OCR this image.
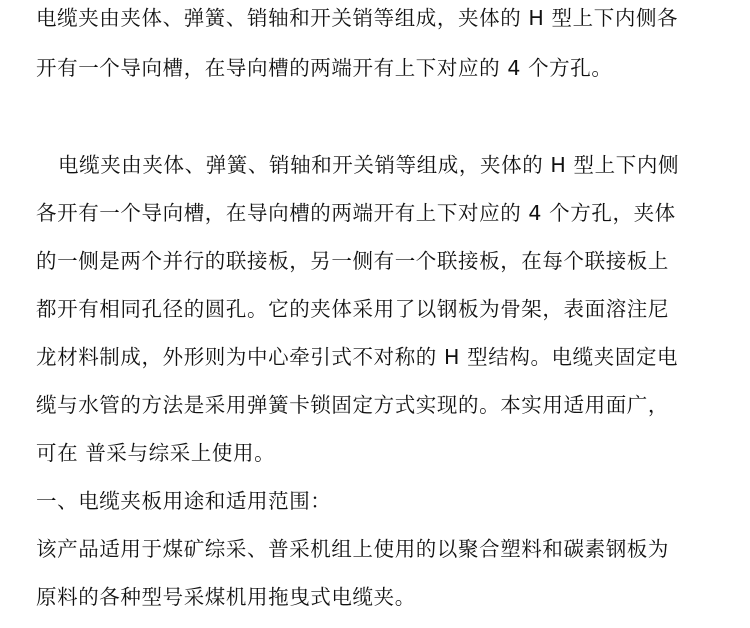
电缆夹由夹体、弹簧、销轴和开关销等组成，夹体的 H 型上下内侧各
开有一个导向槽，在导向槽的两端开有上下对应的 4 个方孔。
电缆夹由夹体、弹簧、销轴和开关销等组成，夹体的 H 型上下内侧
各开有一个导向槽，在导向槽的两端开有上下对应的 4 个方孔，夹体
的一侧是两个并行的联接板，另一侧有一个联接板，在每个联接板上
都开有相同孔径的圆孔。它的夹体采用了以钢板为骨架，表面溶注尼
龙材料制成，外形则为中心牵引式不对称的 H 型结构。电缆夹固定电
缆与水管的方法是采用弹簧卡锁固定方式实现的。本实用适用面广，
可在 普采与综采上使用。
一、电缆夹板用途和适用范围：
该产品适用于煤矿综采、普采机组上使用的以聚合塑料和碳素钢板为
原料的各种型号采煤机用拖曳式电缆夹。
